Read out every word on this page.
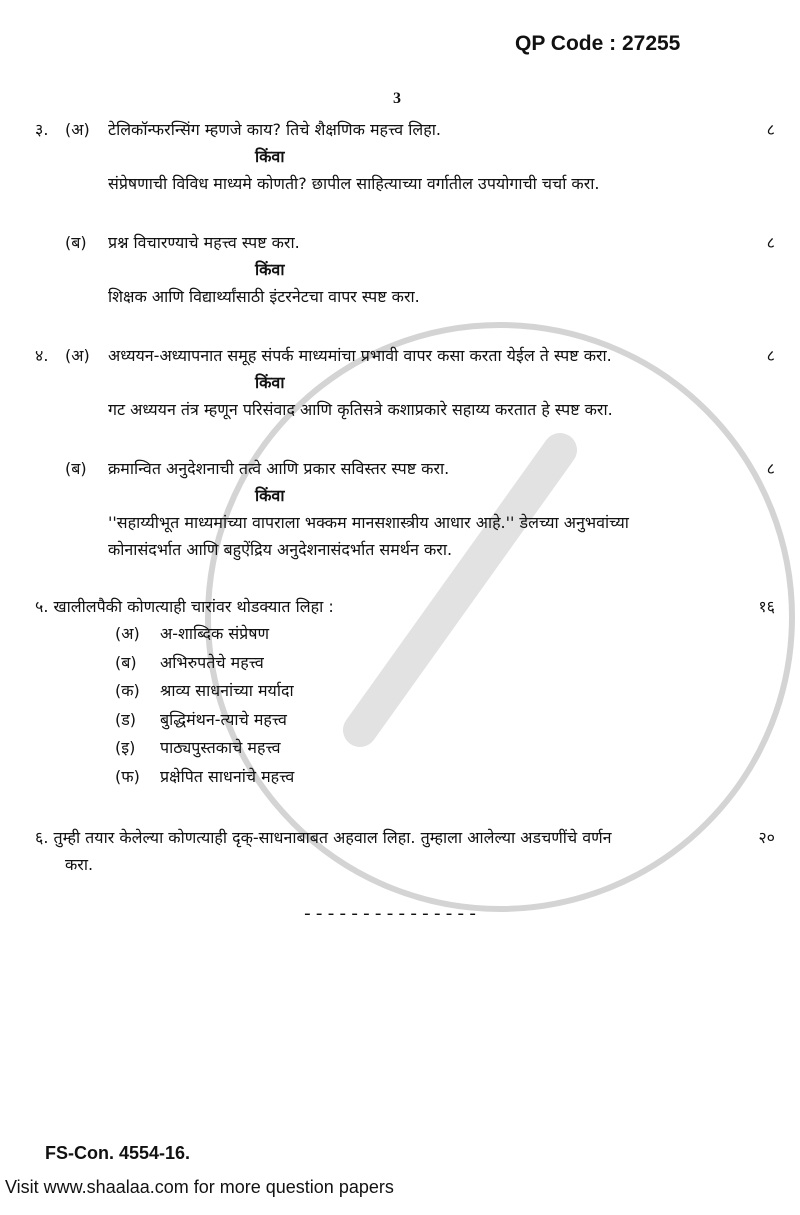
QP Code : 27255
3
३.	(अ)	टेलिकॉन्फरन्सिंग म्हणजे काय? तिचे शैक्षणिक महत्त्व लिहा.	८
किंवा
संप्रेषणाची विविध माध्यमे कोणती? छापील साहित्याच्या वर्गातील उपयोगाची चर्चा करा.
(ब)	प्रश्न विचारण्याचे महत्त्व स्पष्ट करा.	८
किंवा
शिक्षक आणि विद्यार्थ्यांसाठी इंटरनेटचा वापर स्पष्ट करा.
४.	(अ)	अध्ययन-अध्यापनात समूह संपर्क माध्यमांचा प्रभावी वापर कसा करता येईल ते स्पष्ट करा.	८
किंवा
गट अध्ययन तंत्र म्हणून परिसंवाद आणि कृतिसत्रे कशाप्रकारे सहाय्य करतात हे स्पष्ट करा.
(ब)	क्रमान्वित अनुदेशनाची तत्वे आणि प्रकार सविस्तर स्पष्ट करा.	८
किंवा
''सहाय्यीभूत माध्यमांच्या वापराला भक्कम मानसशास्त्रीय आधार आहे.'' डेलच्या अनुभवांच्या
कोनासंदर्भात आणि बहुऐंद्रिय अनुदेशनासंदर्भात समर्थन करा.
५. खालीलपैकी कोणत्याही चारांवर थोडक्यात लिहा :	१६
(अ)	अ-शाब्दिक संप्रेषण
(ब)	अभिरुपतेचे महत्त्व
(क)	श्राव्य साधनांच्या मर्यादा
(ड)	बुद्धिमंथन-त्याचे महत्त्व
(इ)	पाठ्यपुस्तकाचे महत्त्व
(फ)	प्रक्षेपित साधनांचे महत्त्व
६. तुम्ही तयार केलेल्या कोणत्याही दृक्-साधनाबाबत अहवाल लिहा. तुम्हाला आलेल्या अडचणींचे वर्णन	२०
करा.
---------------
FS-Con. 4554-16.
Visit www.shaalaa.com for more question papers
